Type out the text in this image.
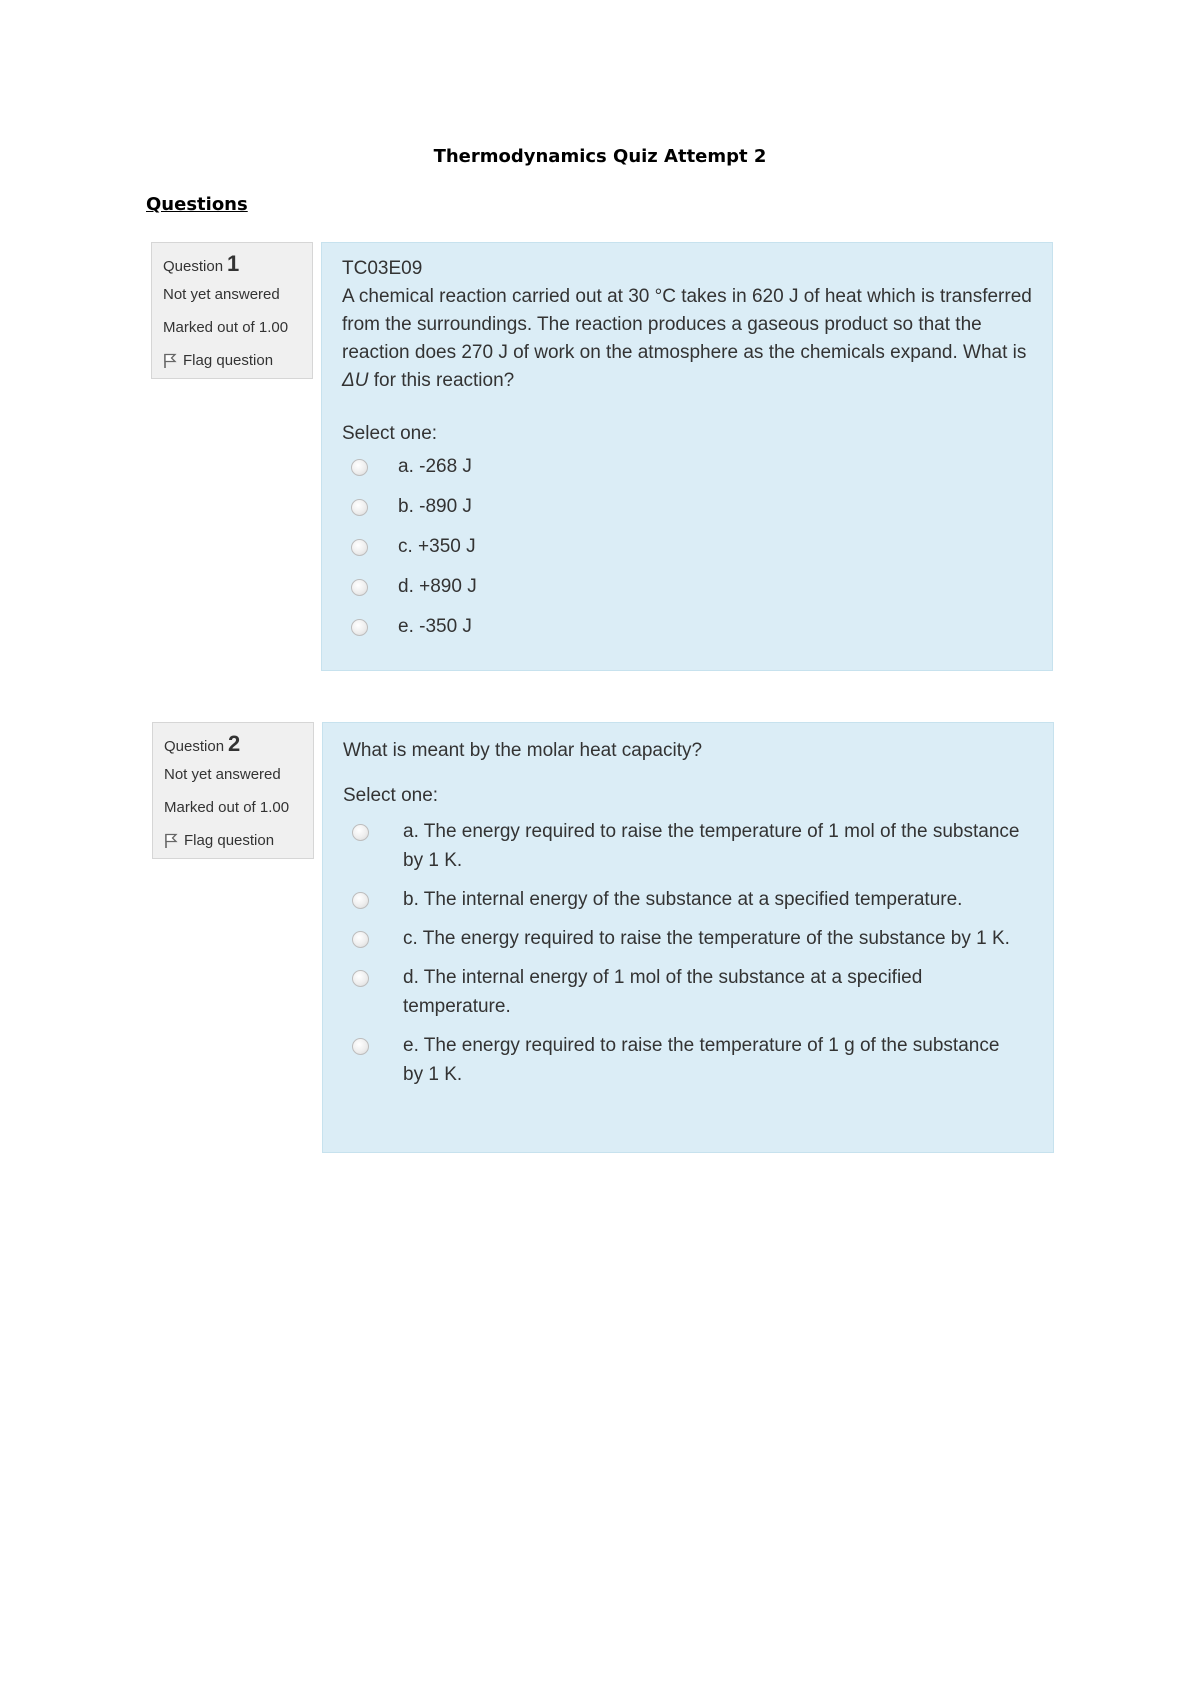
Thermodynamics Quiz Attempt 2
Questions
Question 1
Not yet answered
Marked out of 1.00
Flag question
TC03E09
A chemical reaction carried out at 30 °C takes in 620 J of heat which is transferred from the surroundings. The reaction produces a gaseous product so that the reaction does 270 J of work on the atmosphere as the chemicals expand. What is ΔU for this reaction?
Select one:
a. -268 J
b. -890 J
c. +350 J
d. +890 J
e. -350 J
Question 2
Not yet answered
Marked out of 1.00
Flag question
What is meant by the molar heat capacity?
Select one:
a. The energy required to raise the temperature of 1 mol of the substance by 1 K.
b. The internal energy of the substance at a specified temperature.
c. The energy required to raise the temperature of the substance by 1 K.
d. The internal energy of 1 mol of the substance at a specified temperature.
e. The energy required to raise the temperature of 1 g of the substance by 1 K.
